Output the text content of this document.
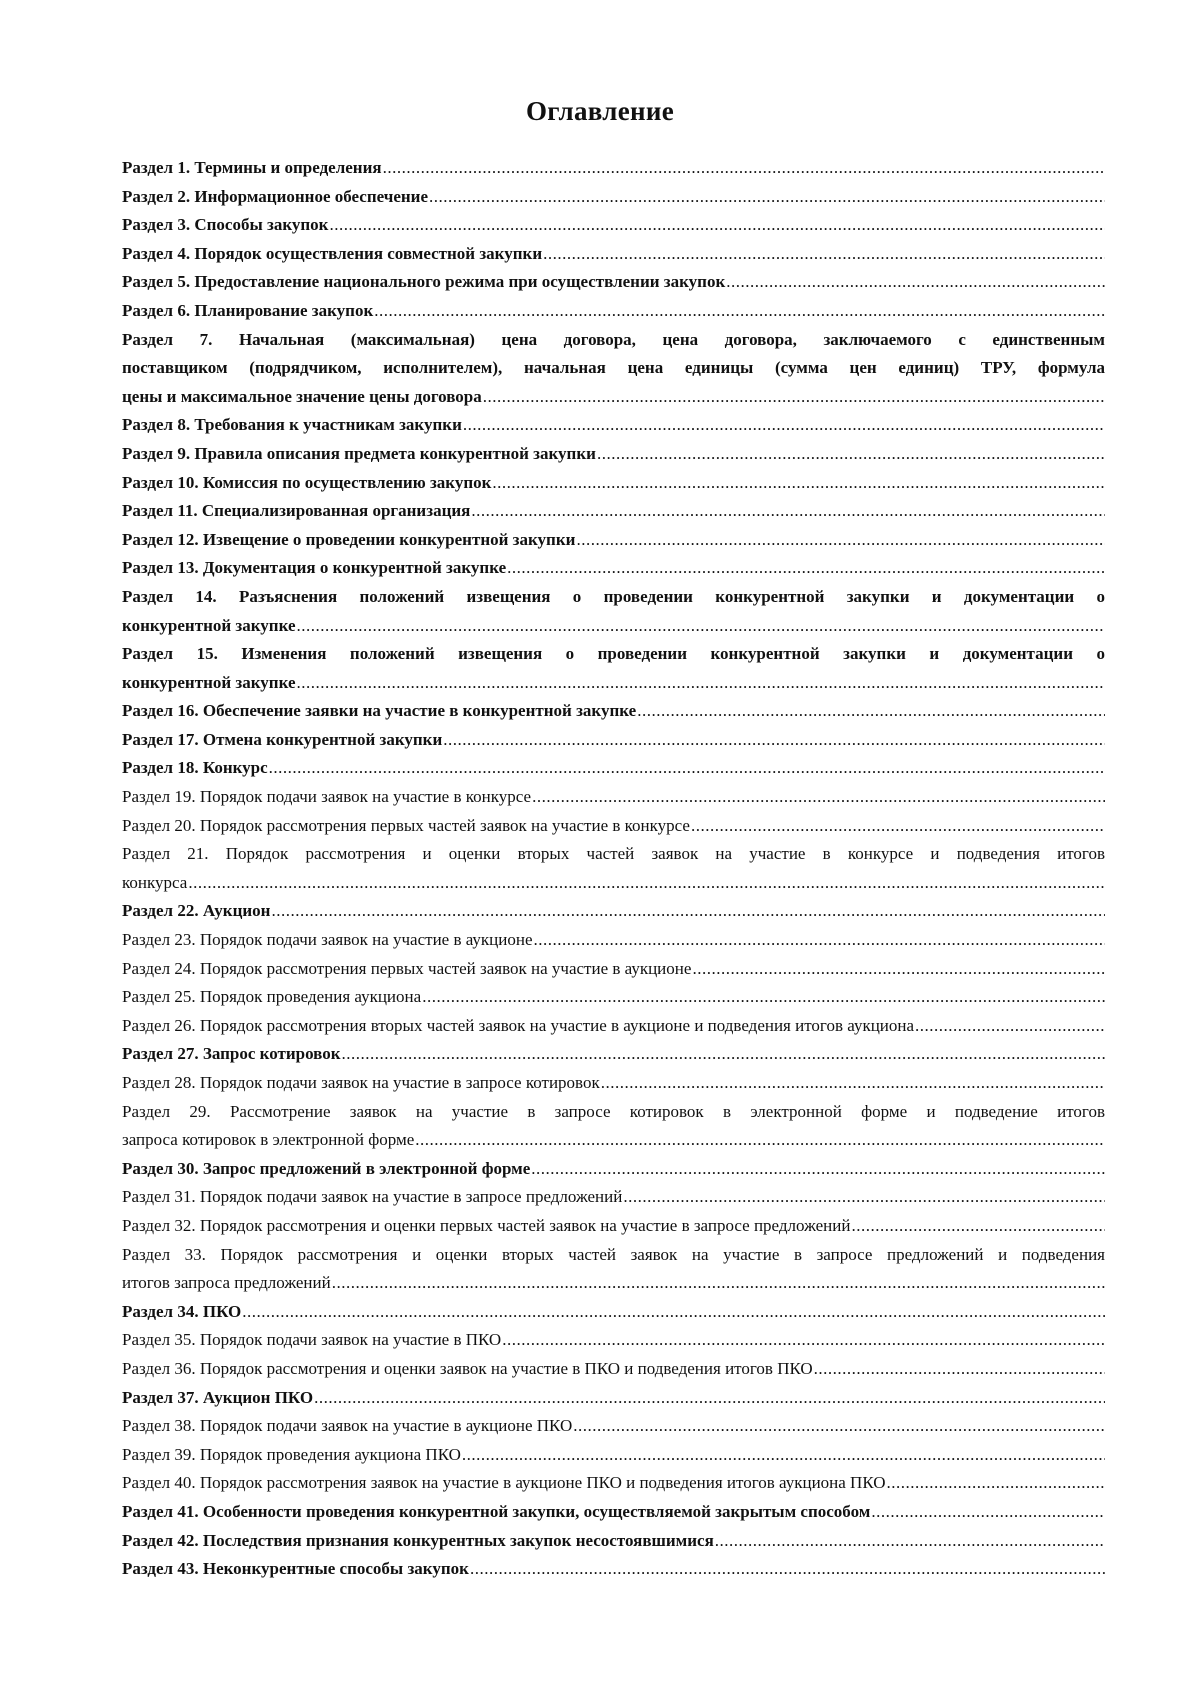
Оглавление
Раздел 1. Термины и определения
.....
Раздел 2. Информационное обеспечение
.....
Раздел 3. Способы закупок
.....
Раздел 4. Порядок осуществления совместной закупки
.....
Раздел 5. Предоставление национального режима при осуществлении закупок
.....
Раздел 6. Планирование закупок
.....
Раздел 7. Начальная (максимальная) цена договора, цена договора, заключаемого с единственным
поставщиком (подрядчиком, исполнителем), начальная цена единицы (сумма цен единиц) ТРУ, формула
цены и максимальное значение цены договора
.....
Раздел 8. Требования к участникам закупки
.....
Раздел 9. Правила описания предмета конкурентной закупки
.....
Раздел 10. Комиссия по осуществлению закупок
.....
Раздел 11. Специализированная организация
.....
Раздел 12. Извещение о проведении конкурентной закупки
.....
Раздел 13. Документация о конкурентной закупке
.....
Раздел 14. Разъяснения положений извещения о проведении конкурентной закупки и документации о
конкурентной закупке
.....
Раздел 15. Изменения положений извещения о проведении конкурентной закупки и документации о
конкурентной закупке
.....
Раздел 16. Обеспечение заявки на участие в конкурентной закупке
.....
Раздел 17. Отмена конкурентной закупки
.....
Раздел 18. Конкурс
.....
Раздел 19. Порядок подачи заявок на участие в конкурсе
.....
Раздел 20. Порядок рассмотрения первых частей заявок на участие в конкурсе
.....
Раздел 21. Порядок рассмотрения и оценки вторых частей заявок на участие в конкурсе и подведения итогов
конкурса
.....
Раздел 22. Аукцион
.....
Раздел 23. Порядок подачи заявок на участие в аукционе
.....
Раздел 24. Порядок рассмотрения первых частей заявок на участие в аукционе
.....
Раздел 25. Порядок проведения аукциона
.....
Раздел 26. Порядок рассмотрения вторых частей заявок на участие в аукционе и подведения итогов аукциона
.....
Раздел 27. Запрос котировок
.....
Раздел 28. Порядок подачи заявок на участие в запросе котировок
.....
Раздел 29. Рассмотрение заявок на участие в запросе котировок в электронной форме и подведение итогов
запроса котировок в электронной форме
.....
Раздел 30. Запрос предложений в электронной форме
.....
Раздел 31. Порядок подачи заявок на участие в запросе предложений
.....
Раздел 32. Порядок рассмотрения и оценки первых частей заявок на участие в запросе предложений
.....
Раздел 33. Порядок рассмотрения и оценки вторых частей заявок на участие в запросе предложений и подведения
итогов запроса предложений
.....
Раздел 34. ПКО
.....
Раздел 35. Порядок подачи заявок на участие в ПКО
.....
Раздел 36. Порядок рассмотрения и оценки заявок на участие в ПКО и подведения итогов ПКО
.....
Раздел 37. Аукцион ПКО
.....
Раздел 38. Порядок подачи заявок на участие в аукционе ПКО
.....
Раздел 39. Порядок проведения аукциона ПКО
.....
Раздел 40. Порядок рассмотрения заявок на участие в аукционе ПКО и подведения итогов аукциона ПКО
.....
Раздел 41. Особенности проведения конкурентной закупки, осуществляемой закрытым способом
.....
Раздел 42. Последствия признания конкурентных закупок несостоявшимися
.....
Раздел 43. Неконкурентные способы закупок
.....
